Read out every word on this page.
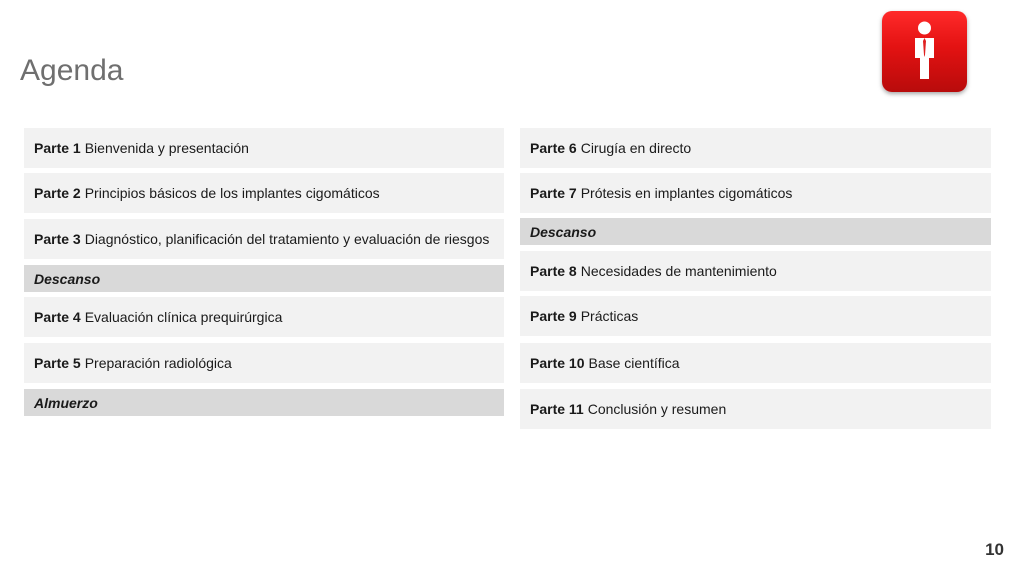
Agenda
Parte 1 Bienvenida y presentación
Parte 2 Principios básicos de los implantes cigomáticos
Parte 3 Diagnóstico, planificación del tratamiento y evaluación de riesgos
Descanso
Parte 4 Evaluación clínica prequirúrgica
Parte 5 Preparación radiológica
Almuerzo
Parte 6 Cirugía en directo
Parte 7 Prótesis en implantes cigomáticos
Descanso
Parte 8 Necesidades de mantenimiento
Parte 9 Prácticas
Parte 10 Base científica
Parte 11 Conclusión y resumen
10
